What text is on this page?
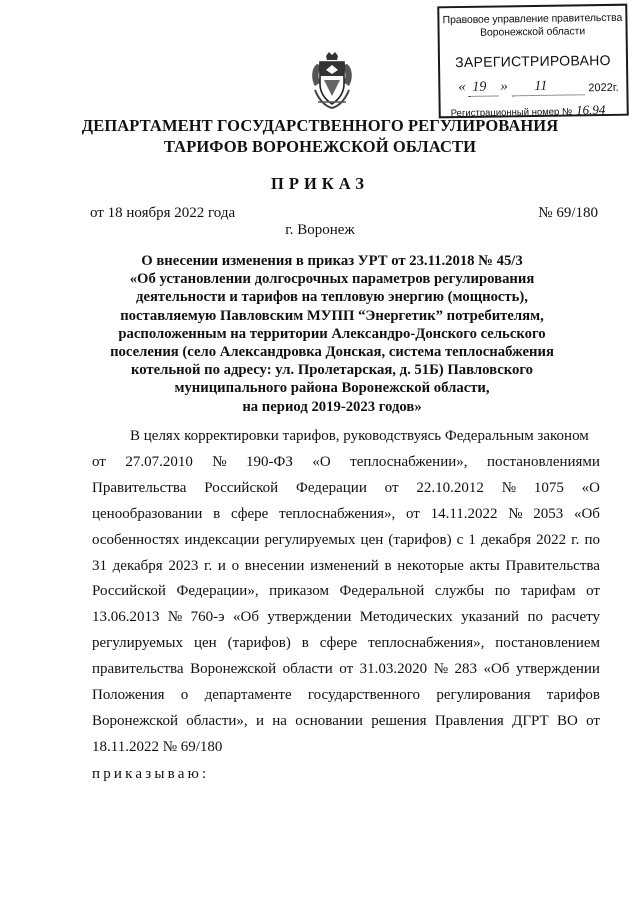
Правовое управление правительства
Воронежской области
ЗАРЕГИСТРИРОВАНО
« 19 » 11	2022г.
Регистрационный номер № 16.94
ДЕПАРТАМЕНТ ГОСУДАРСТВЕННОГО РЕГУЛИРОВАНИЯ
ТАРИФОВ ВОРОНЕЖСКОЙ ОБЛАСТИ
ПРИКАЗ
от 18 ноября 2022 года	№ 69/180
г. Воронеж
О внесении изменения в приказ УРТ от 23.11.2018 № 45/3
«Об установлении долгосрочных параметров регулирования
деятельности и тарифов на тепловую энергию (мощность),
поставляемую Павловским МУПП “Энергетик” потребителям,
расположенным на территории Александро-Донского сельского
поселения (село Александровка Донская, система теплоснабжения
котельной по адресу: ул. Пролетарская, д. 51Б) Павловского
муниципального района Воронежской области,
на период 2019-2023 годов»
В целях корректировки тарифов, руководствуясь Федеральным законом
от 27.07.2010 № 190-ФЗ «О теплоснабжении», постановлениями
Правительства Российской Федерации от 22.10.2012 № 1075 «О
ценообразовании в сфере теплоснабжения», от 14.11.2022 № 2053 «Об
особенностях индексации регулируемых цен (тарифов) с 1 декабря 2022 г. по
31 декабря 2023 г. и о внесении изменений в некоторые акты Правительства
Российской Федерации», приказом Федеральной службы по тарифам от
13.06.2013 № 760-э «Об утверждении Методических указаний по расчету
регулируемых цен (тарифов) в сфере теплоснабжения», постановлением
правительства Воронежской области от 31.03.2020 № 283 «Об утверждении
Положения о департаменте государственного регулирования тарифов
Воронежской области», и на основании решения Правления ДГРТ ВО от
18.11.2022 № 69/180
приказываю:
